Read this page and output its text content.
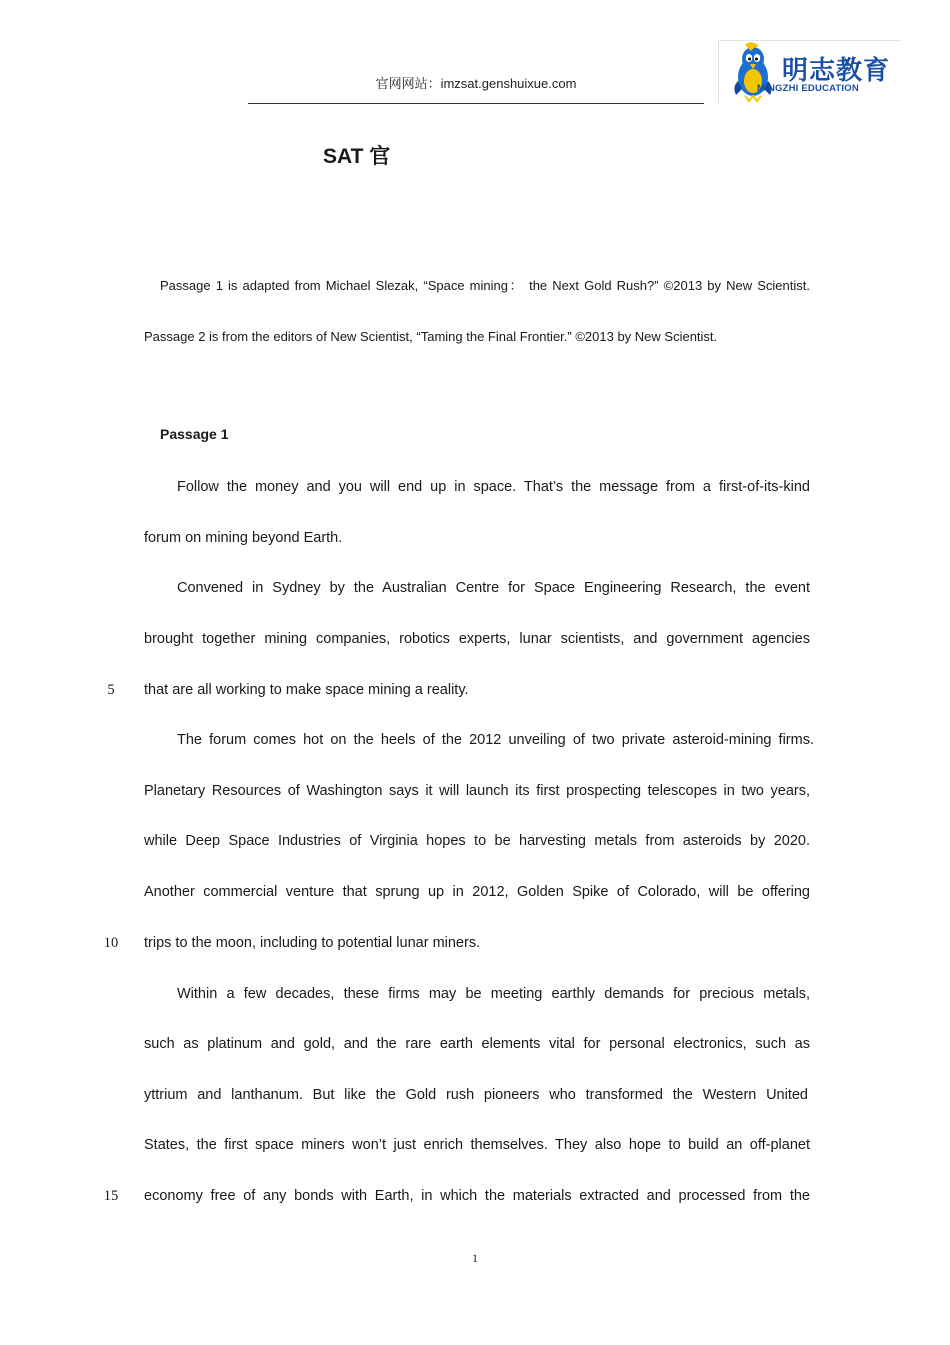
官网网站：imzsat.genshuixue.com	明志教育
MINGZHI EDUCATION
SAT 官
Passage 1 is adapted from Michael Slezak, “Space mining： the Next Gold Rush?” ©2013 by New Scientist.
Passage 2 is from the editors of New Scientist, “Taming the Final Frontier.” ©2013 by New Scientist.
Passage 1
Follow the money and you will end up in space. That’s the message from a first-of-its-kind
forum on mining beyond Earth.
Convened in Sydney by the Australian Centre for Space Engineering Research, the event
brought together mining companies, robotics experts, lunar scientists, and government agencies
that are all working to make space mining a reality.
The forum comes hot on the heels of the 2012 unveiling of two private asteroid-mining firms.
Planetary Resources of Washington says it will launch its first prospecting telescopes in two years,
while Deep Space Industries of Virginia hopes to be harvesting metals from asteroids by 2020.
Another commercial venture that sprung up in 2012, Golden Spike of Colorado, will be offering
trips to the moon, including to potential lunar miners.
Within a few decades, these firms may be meeting earthly demands for precious metals,
such as platinum and gold, and the rare earth elements vital for personal electronics, such as
yttrium and lanthanum. But like the Gold rush pioneers who transformed the Western United
States, the first space miners won’t just enrich themselves. They also hope to build an off-planet
economy free of any bonds with Earth, in which the materials extracted and processed from the
5
10
15
1
